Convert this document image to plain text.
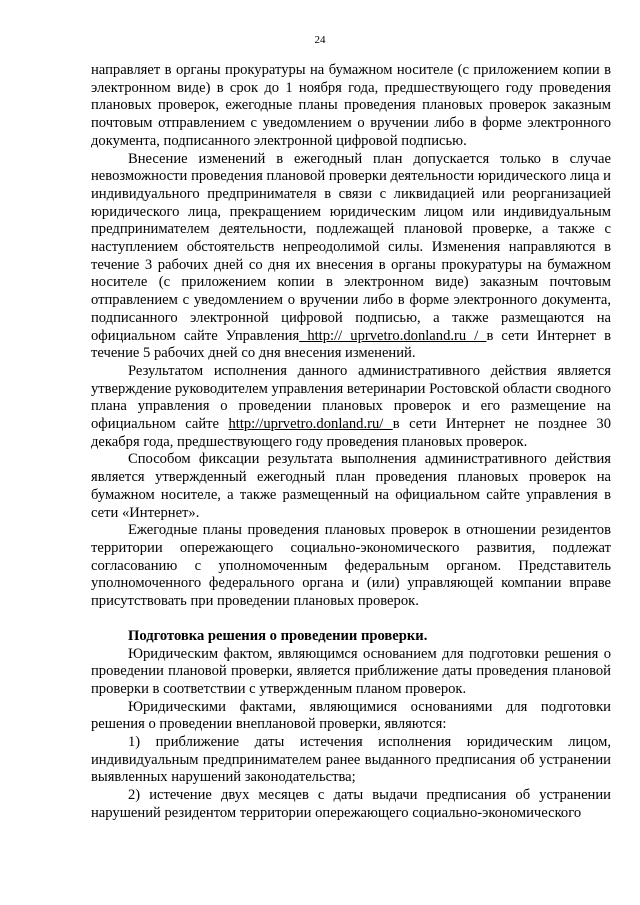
24

направляет в органы прокуратуры на бумажном носителе (с приложением копии в электронном виде) в срок до 1 ноября года, предшествующего году проведения плановых проверок, ежегодные планы проведения плановых проверок заказным почтовым отправлением с уведомлением о вручении либо в форме электронного документа, подписанного электронной цифровой подписью.

Внесение изменений в ежегодный план допускается только в случае невозможности проведения плановой проверки деятельности юридического лица и индивидуального предпринимателя в связи с ликвидацией или реорганизацией юридического лица, прекращением юридическим лицом или индивидуальным предпринимателем деятельности, подлежащей плановой проверке, а также с наступлением обстоятельств непреодолимой силы. Изменения направляются в течение 3 рабочих дней со дня их внесения в органы прокуратуры на бумажном носителе (с приложением копии в электронном виде) заказным почтовым отправлением с уведомлением о вручении либо в форме электронного документа, подписанного электронной цифровой подписью, а также размещаются на официальном сайте Управления http:// uprvetro.donland.ru / в сети Интернет в течение 5 рабочих дней со дня внесения изменений.

Результатом исполнения данного административного действия является утверждение руководителем управления ветеринарии Ростовской области сводного плана управления о проведении плановых проверок и его размещение на официальном сайте http://uprvetro.donland.ru/ в сети Интернет не позднее 30 декабря года, предшествующего году проведения плановых проверок.

Способом фиксации результата выполнения административного действия является утвержденный ежегодный план проведения плановых проверок на бумажном носителе, а также размещенный на официальном сайте управления в сети «Интернет».

Ежегодные планы проведения плановых проверок в отношении резидентов территории опережающего социально-экономического развития, подлежат согласованию с уполномоченным федеральным органом. Представитель уполномоченного федерального органа и (или) управляющей компании вправе присутствовать при проведении плановых проверок.

Подготовка решения о проведении проверки.

Юридическим фактом, являющимся основанием для подготовки решения о проведении плановой проверки, является приближение даты проведения плановой проверки в соответствии с утвержденным планом проверок.

Юридическими фактами, являющимися основаниями для подготовки решения о проведении внеплановой проверки, являются:

1) приближение даты истечения исполнения юридическим лицом, индивидуальным предпринимателем ранее выданного предписания об устранении выявленных нарушений законодательства;

2) истечение двух месяцев с даты выдачи предписания об устранении нарушений резидентом территории опережающего социально-экономического
